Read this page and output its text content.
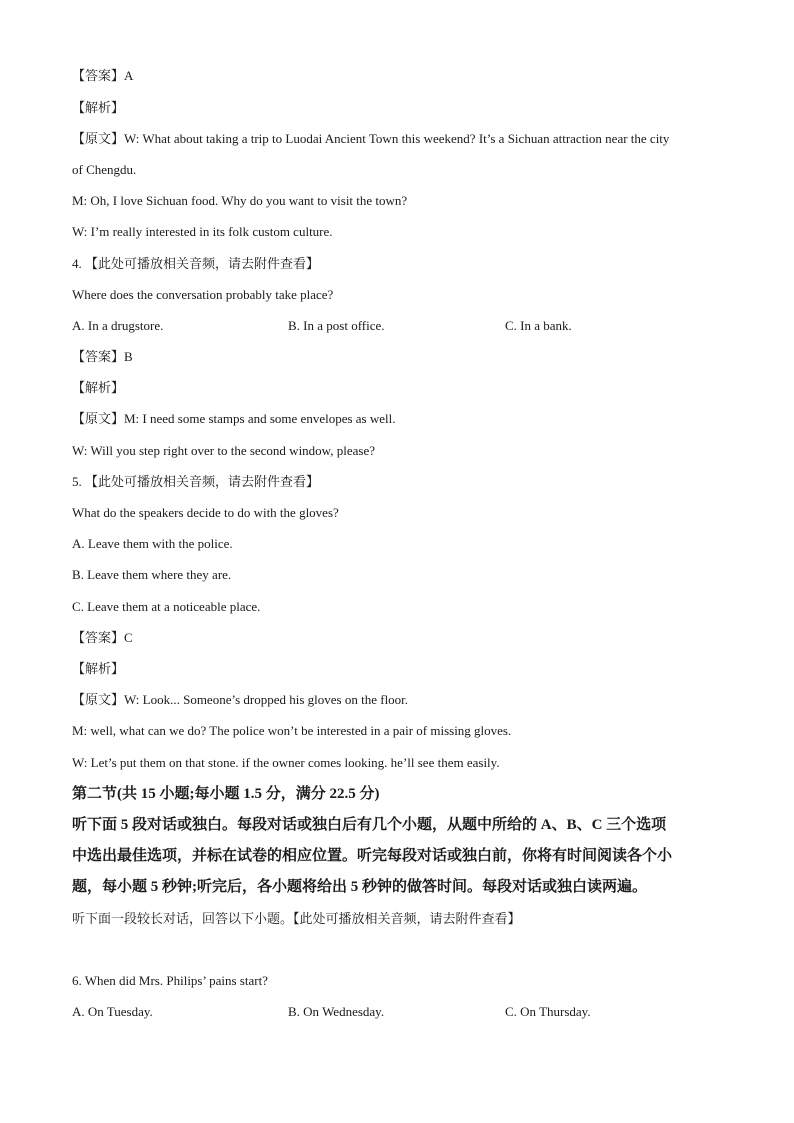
【答案】A
【解析】
【原文】W: What about taking a trip to Luodai Ancient Town this weekend? It’s a Sichuan attraction near the city
of Chengdu.
M: Oh, I love Sichuan food. Why do you want to visit the town?
W: I’m really interested in its folk custom culture.
4. 【此处可播放相关音频，请去附件查看】
Where does the conversation probably take place?
A. In a drugstore.	B. In a post office.	C. In a bank.
【答案】B
【解析】
【原文】M: I need some stamps and some envelopes as well.
W: Will you step right over to the second window, please?
5. 【此处可播放相关音频，请去附件查看】
What do the speakers decide to do with the gloves?
A. Leave them with the police.
B. Leave them where they are.
C. Leave them at a noticeable place.
【答案】C
【解析】
【原文】W: Look... Someone’s dropped his gloves on the floor.
M: well, what can we do? The police won’t be interested in a pair of missing gloves.
W: Let’s put them on that stone. if the owner comes looking. he’ll see them easily.
第二节(共 15 小题;每小题 1.5 分，满分 22.5 分)
听下面 5 段对话或独白。每段对话或独白后有几个小题，从题中所给的 A、B、C 三个选项
中选出最佳选项，并标在试卷的相应位置。听完每段对话或独白前，你将有时间阅读各个小
题，每小题 5 秒钟;听完后，各小题将给出 5 秒钟的做答时间。每段对话或独白读两遍。
听下面一段较长对话，回答以下小题。【此处可播放相关音频，请去附件查看】
6. When did Mrs. Philips’ pains start?
A. On Tuesday.	B. On Wednesday.	C. On Thursday.
